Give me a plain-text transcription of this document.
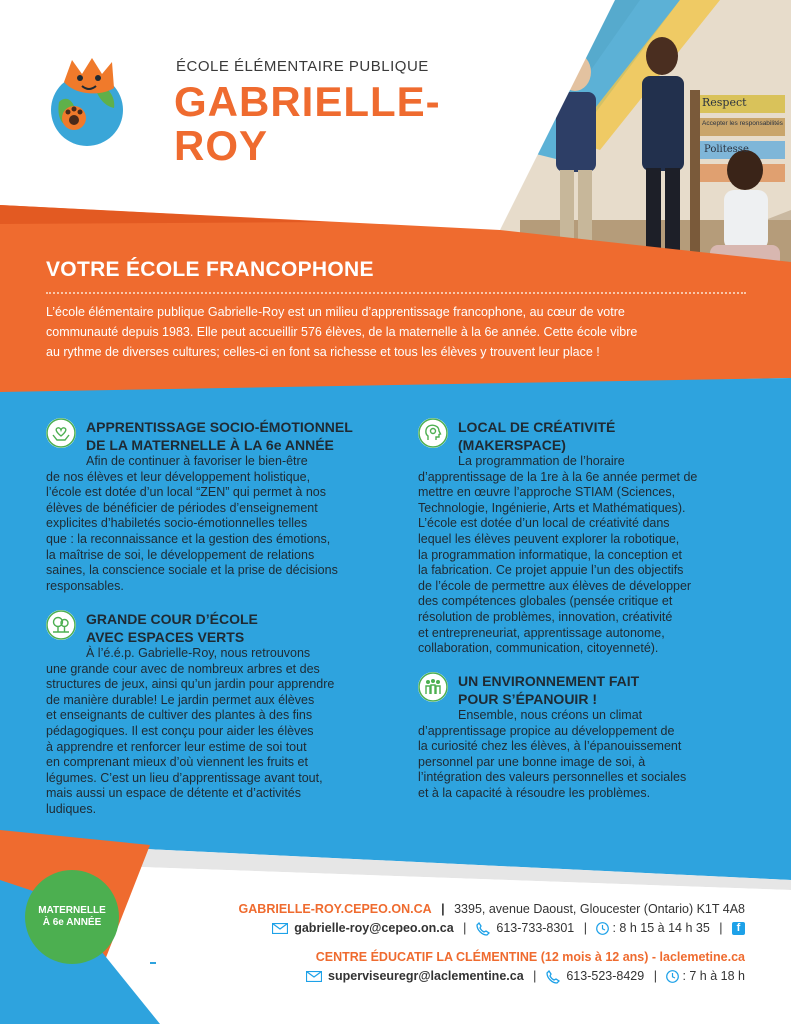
ÉCOLE ÉLÉMENTAIRE PUBLIQUE
GABRIELLE-
ROY
Respect
Accepter les responsabilités
Politesse
VOTRE ÉCOLE FRANCOPHONE
L’école élémentaire publique Gabrielle-Roy est un milieu d’apprentissage francophone, au cœur de votre
communauté depuis 1983. Elle peut accueillir 576 élèves, de la maternelle à la 6e année. Cette école vibre
au rythme de diverses cultures; celles-ci en font sa richesse et tous les élèves y trouvent leur place !
APPRENTISSAGE SOCIO-ÉMOTIONNEL
DE LA MATERNELLE À LA 6e ANNÉE
Afin de continuer à favoriser le bien-être
de nos élèves et leur développement holistique,
l’école est dotée d’un local “ZEN” qui permet à nos
élèves de bénéficier de périodes d’enseignement
explicites d’habiletés socio-émotionnelles telles
que : la reconnaissance et la gestion des émotions,
la maîtrise de soi, le développement de relations
saines, la conscience sociale et la prise de décisions
responsables.
GRANDE COUR D’ÉCOLE
AVEC ESPACES VERTS
À l’é.é.p. Gabrielle-Roy, nous retrouvons
une grande cour avec de nombreux arbres et des
structures de jeux, ainsi qu’un jardin pour apprendre
de manière durable! Le jardin permet aux élèves
et enseignants de cultiver des plantes à des fins
pédagogiques. Il est conçu pour aider les élèves
à apprendre et renforcer leur estime de soi tout
en comprenant mieux d’où viennent les fruits et
légumes. C’est un lieu d’apprentissage avant tout,
mais aussi un espace de détente et d’activités
ludiques.
LOCAL DE CRÉATIVITÉ
(MAKERSPACE)
La programmation de l’horaire
d’apprentissage de la 1re à la 6e année permet de
mettre en œuvre l’approche STIAM (Sciences,
Technologie, Ingénierie, Arts et Mathématiques).
L’école est dotée d’un local de créativité dans
lequel les élèves peuvent explorer la robotique,
la programmation informatique, la conception et
la fabrication. Ce projet appuie l’un des objectifs
de l’école de permettre aux élèves de développer
des compétences globales (pensée critique et
résolution de problèmes, innovation, créativité
et entrepreneuriat, apprentissage autonome,
collaboration, communication, citoyenneté).
UN ENVIRONNEMENT FAIT
POUR S’ÉPANOUIR !
Ensemble, nous créons un climat
d’apprentissage propice au développement de
la curiosité chez les élèves, à l’épanouissement
personnel par une bonne image de soi, à
l’intégration des valeurs personnelles et sociales
et à la capacité à résoudre les problèmes.
MATERNELLE
À 6e ANNÉE
GABRIELLE-ROY.CEPEO.ON.CA | 3395, avenue Daoust, Gloucester (Ontario) K1T 4A8
gabrielle-roy@cepeo.on.ca | 613-733-8301 | : 8 h 15 à 14 h 35 | f
CENTRE ÉDUCATIF LA CLÉMENTINE (12 mois à 12 ans) - laclemetine.ca
superviseuregr@laclementine.ca | 613-523-8429 | : 7 h à 18 h
